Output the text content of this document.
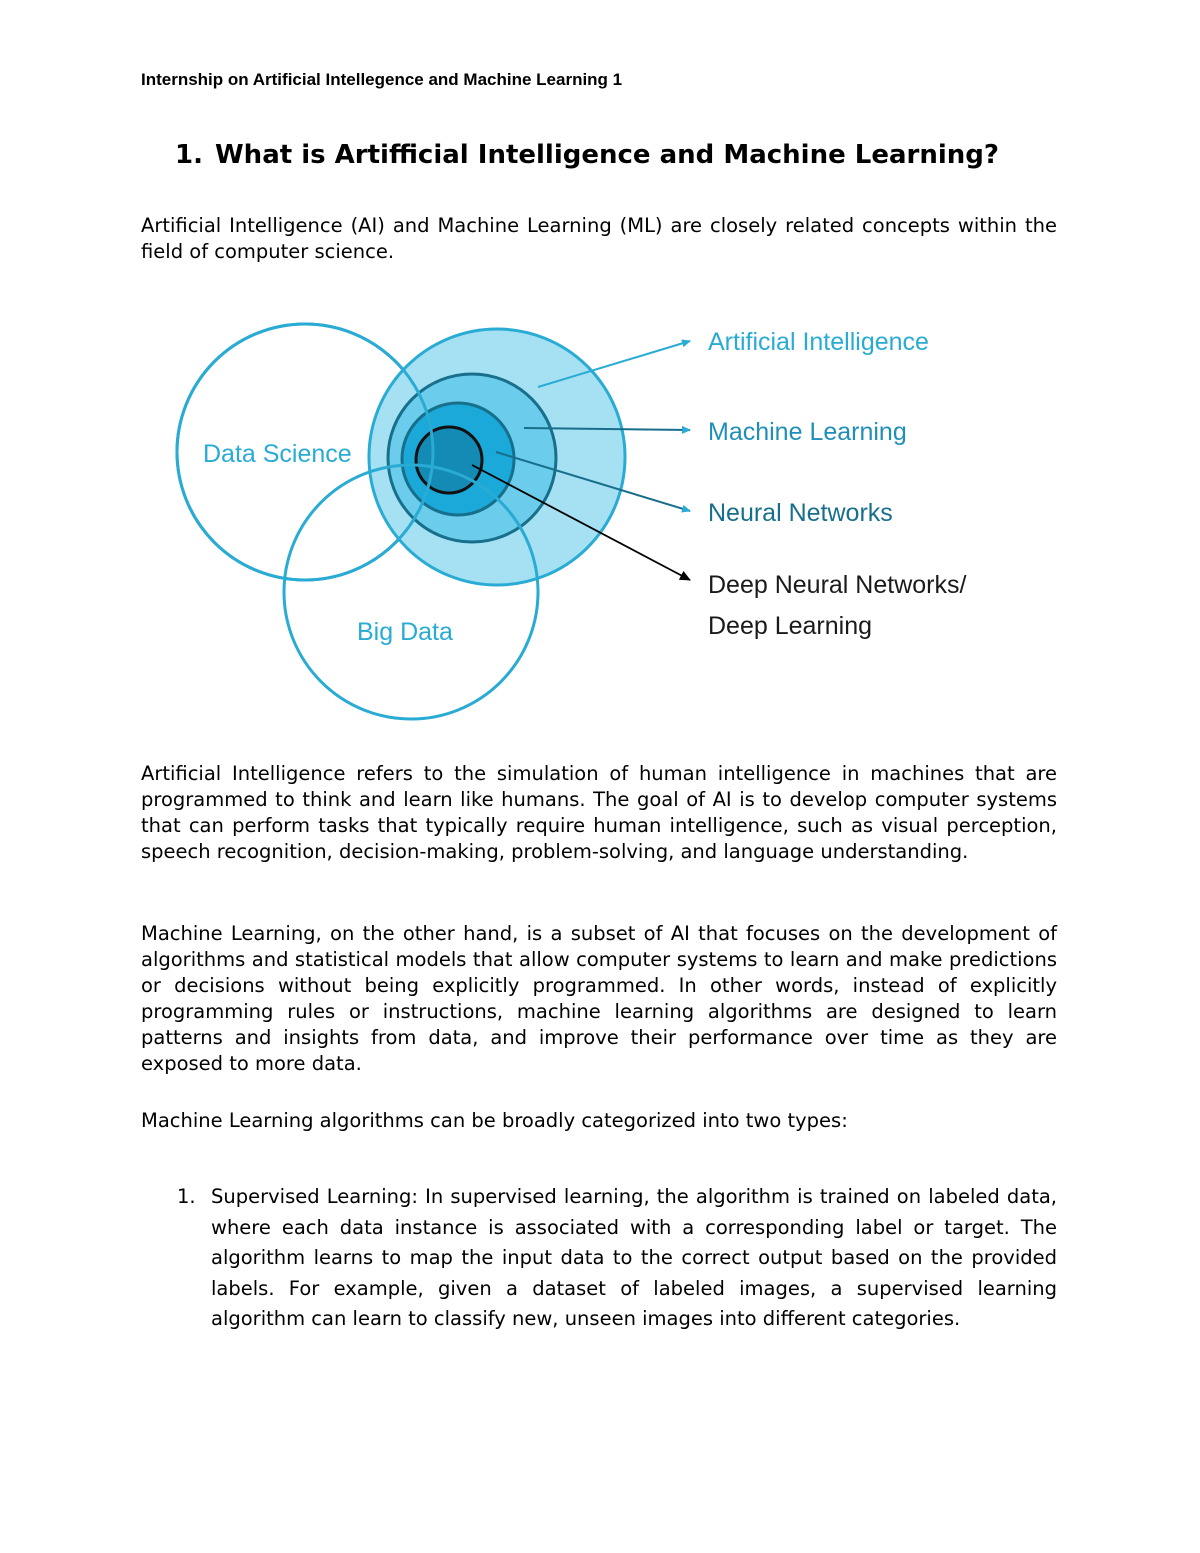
Internship on Artificial Intellegence and Machine Learning 1
1. What is Artifficial Intelligence and Machine Learning?

Artificial Intelligence (AI) and Machine Learning (ML) are closely related concepts within the field of computer science.

Data Science
Big Data
Artificial Intelligence
Machine Learning
Neural Networks
Deep Neural Networks/
Deep Learning

Artificial Intelligence refers to the simulation of human intelligence in machines that are programmed to think and learn like humans. The goal of AI is to develop computer systems that can perform tasks that typically require human intelligence, such as visual perception, speech recognition, decision-making, problem-solving, and language understanding.

Machine Learning, on the other hand, is a subset of AI that focuses on the development of algorithms and statistical models that allow computer systems to learn and make predictions or decisions without being explicitly programmed. In other words, instead of explicitly programming rules or instructions, machine learning algorithms are designed to learn patterns and insights from data, and improve their performance over time as they are exposed to more data.

Machine Learning algorithms can be broadly categorized into two types:

1. Supervised Learning: In supervised learning, the algorithm is trained on labeled data, where each data instance is associated with a corresponding label or target. The algorithm learns to map the input data to the correct output based on the provided labels. For example, given a dataset of labeled images, a supervised learning algorithm can learn to classify new, unseen images into different categories.
